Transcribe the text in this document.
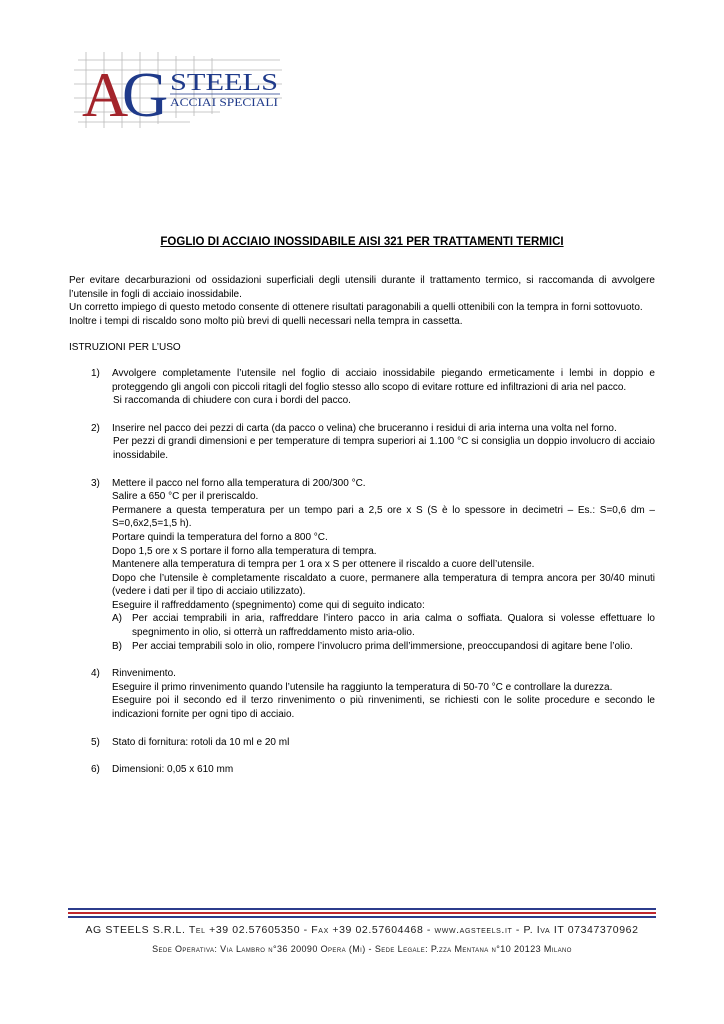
A
G STEELS
ACCIAI SPECIALI
FOGLIO DI ACCIAIO INOSSIDABILE AISI 321 PER TRATTAMENTI TERMICI

Per evitare decarburazioni od ossidazioni superficiali degli utensili durante il trattamento termico, si raccomanda di avvolgere l’utensile in fogli di acciaio inossidabile.

Un corretto impiego di questo metodo consente di ottenere risultati paragonabili a quelli ottenibili con la tempra in forni sottovuoto.

Inoltre i tempi di riscaldo sono molto più brevi di quelli necessari nella tempra in cassetta.

ISTRUZIONI PER L’USO

1) Avvolgere completamente l’utensile nel foglio di acciaio inossidabile piegando ermeticamente i lembi in doppio e proteggendo gli angoli con piccoli ritagli del foglio stesso allo scopo di evitare rotture ed infiltrazioni di aria nel pacco.
Si raccomanda di chiudere con cura i bordi del pacco.
2) Inserire nel pacco dei pezzi di carta (da pacco o velina) che bruceranno i residui di aria interna una volta nel forno.
Per pezzi di grandi dimensioni e per temperature di tempra superiori ai 1.100 °C si consiglia un doppio involucro di acciaio inossidabile.
3) Mettere il pacco nel forno alla temperatura di 200/300 °C.
Salire a 650 °C per il preriscaldo.
Permanere a questa temperatura per un tempo pari a 2,5 ore x S (S è lo spessore in decimetri – Es.: S=0,6 dm – S=0,6x2,5=1,5 h).
Portare quindi la temperatura del forno a 800 °C.
Dopo 1,5 ore x S portare il forno alla temperatura di tempra.
Mantenere alla temperatura di tempra per 1 ora x S per ottenere il riscaldo a cuore dell’utensile.
Dopo che l’utensile è completamente riscaldato a cuore, permanere alla temperatura di tempra ancora per 30/40 minuti (vedere i dati per il tipo di acciaio utilizzato).
Eseguire il raffreddamento (spegnimento) come qui di seguito indicato:
A) Per acciai temprabili in aria, raffreddare l’intero pacco in aria calma o soffiata. Qualora si volesse effettuare lo spegnimento in olio, si otterrà un raffreddamento misto aria-olio.
B) Per acciai temprabili solo in olio, rompere l’involucro prima dell’immersione, preoccupandosi di agitare bene l’olio.
4) Rinvenimento.
Eseguire il primo rinvenimento quando l’utensile ha raggiunto la temperatura di 50-70 °C e controllare la durezza.
Eseguire poi il secondo ed il terzo rinvenimento o più rinvenimenti, se richiesti con le solite procedure e secondo le indicazioni fornite per ogni tipo di acciaio.
5) Stato di fornitura: rotoli da 10 ml e 20 ml
6) Dimensioni: 0,05 x 610 mm
AG STEELS S.R.L. Tel +39 02.57605350 - Fax +39 02.57604468 - www.agsteels.it - P. Iva IT 07347370962
Sede Operativa: Via Lambro n°36 20090 Opera (Mi) - Sede Legale: P.zza Mentana n°10 20123 Milano
